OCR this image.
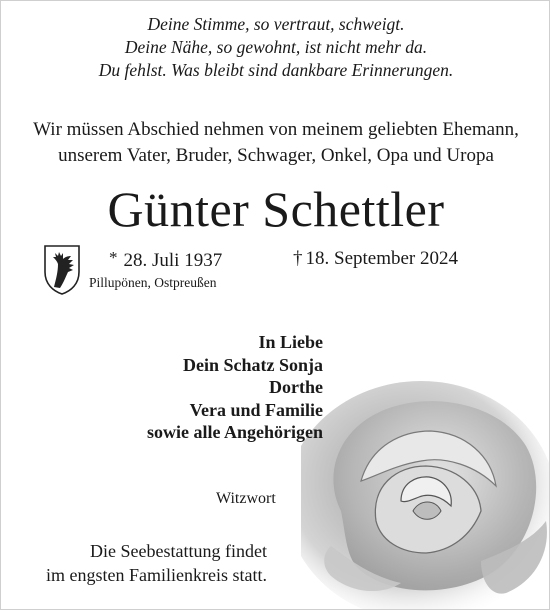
Deine Stimme, so vertraut, schweigt.
Deine Nähe, so gewohnt, ist nicht mehr da.
Du fehlst. Was bleibt sind dankbare Erinnerungen.
Wir müssen Abschied nehmen von meinem geliebten Ehemann,
unserem Vater, Bruder, Schwager, Onkel, Opa und Uropa
Günter Schettler
* 28. Juli 1937	† 18. September 2024
Pillupönen, Ostpreußen
In Liebe
Dein Schatz Sonja
Dorthe
Vera und Familie
sowie alle Angehörigen
Witzwort
Die Seebestattung findet
im engsten Familienkreis statt.
